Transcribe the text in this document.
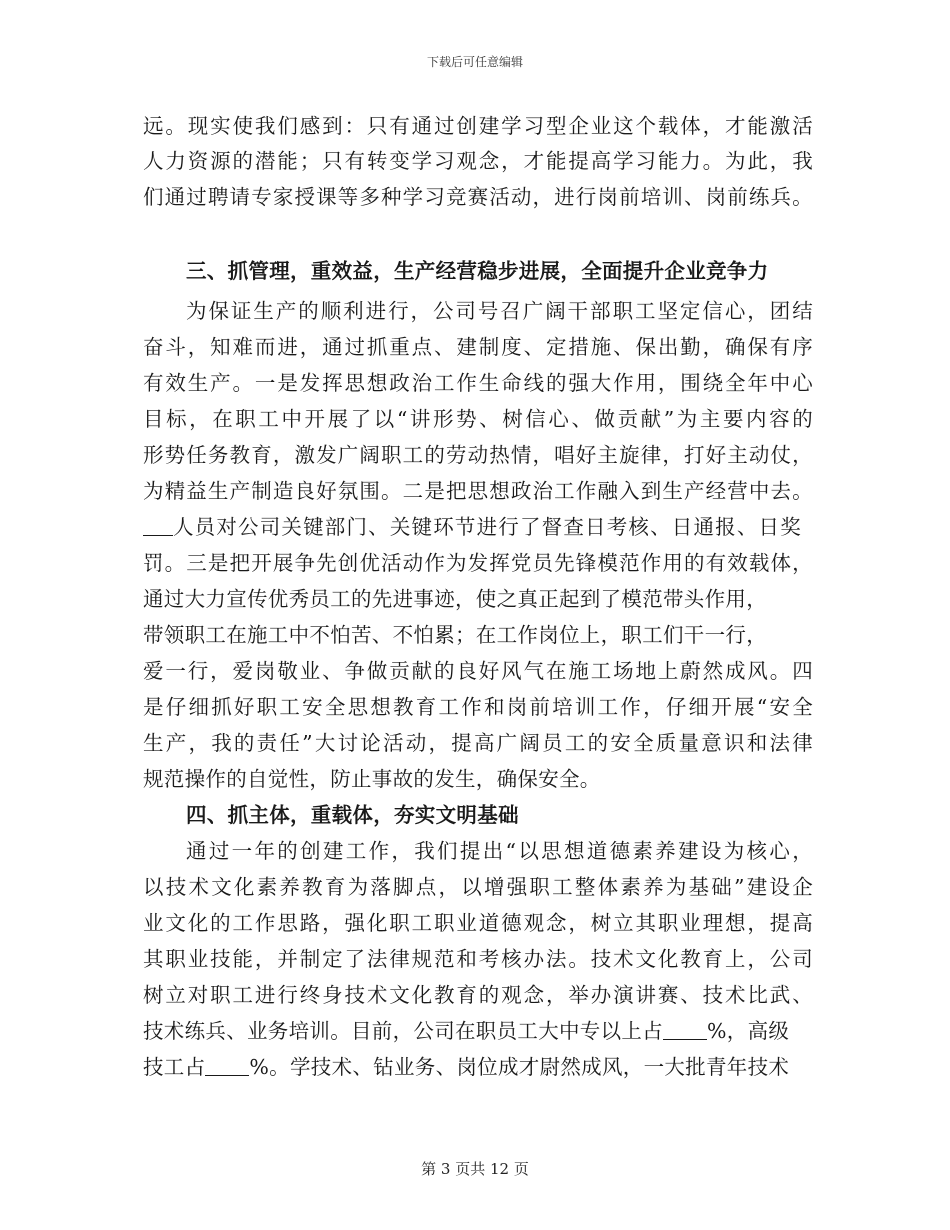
下载后可任意编辑
远。现实使我们感到：只有通过创建学习型企业这个载体，才能激活
人力资源的潜能；只有转变学习观念，才能提高学习能力。为此，我
们通过聘请专家授课等多种学习竞赛活动，进行岗前培训、岗前练兵。
三、抓管理，重效益，生产经营稳步进展，全面提升企业竞争力
为保证生产的顺利进行，公司号召广阔干部职工坚定信心，团结
奋斗，知难而进，通过抓重点、建制度、定措施、保出勤，确保有序
有效生产。一是发挥思想政治工作生命线的强大作用，围绕全年中心
目标，在职工中开展了以“讲形势、树信心、做贡献”为主要内容的
形势任务教育，激发广阔职工的劳动热情，唱好主旋律，打好主动仗，
为精益生产制造良好氛围。二是把思想政治工作融入到生产经营中去。
人员对公司关键部门、关键环节进行了督查日考核、日通报、日奖
罚。三是把开展争先创优活动作为发挥党员先锋模范作用的有效载体，
通过大力宣传优秀员工的先进事迹，使之真正起到了模范带头作用，
带领职工在施工中不怕苦、不怕累；在工作岗位上，职工们干一行，
爱一行，爱岗敬业、争做贡献的良好风气在施工场地上蔚然成风。四
是仔细抓好职工安全思想教育工作和岗前培训工作，仔细开展“安全
生产，我的责任”大讨论活动，提高广阔员工的安全质量意识和法律
规范操作的自觉性，防止事故的发生，确保安全。
四、抓主体，重载体，夯实文明基础
通过一年的创建工作，我们提出“以思想道德素养建设为核心，
以技术文化素养教育为落脚点，以增强职工整体素养为基础”建设企
业文化的工作思路，强化职工职业道德观念，树立其职业理想，提高
其职业技能，并制定了法律规范和考核办法。技术文化教育上，公司
树立对职工进行终身技术文化教育的观念，举办演讲赛、技术比武、
技术练兵、业务培训。目前，公司在职员工大中专以上占 %，高级
技工占 %。学技术、钻业务、岗位成才尉然成风，一大批青年技术
第 3 页共 12 页
